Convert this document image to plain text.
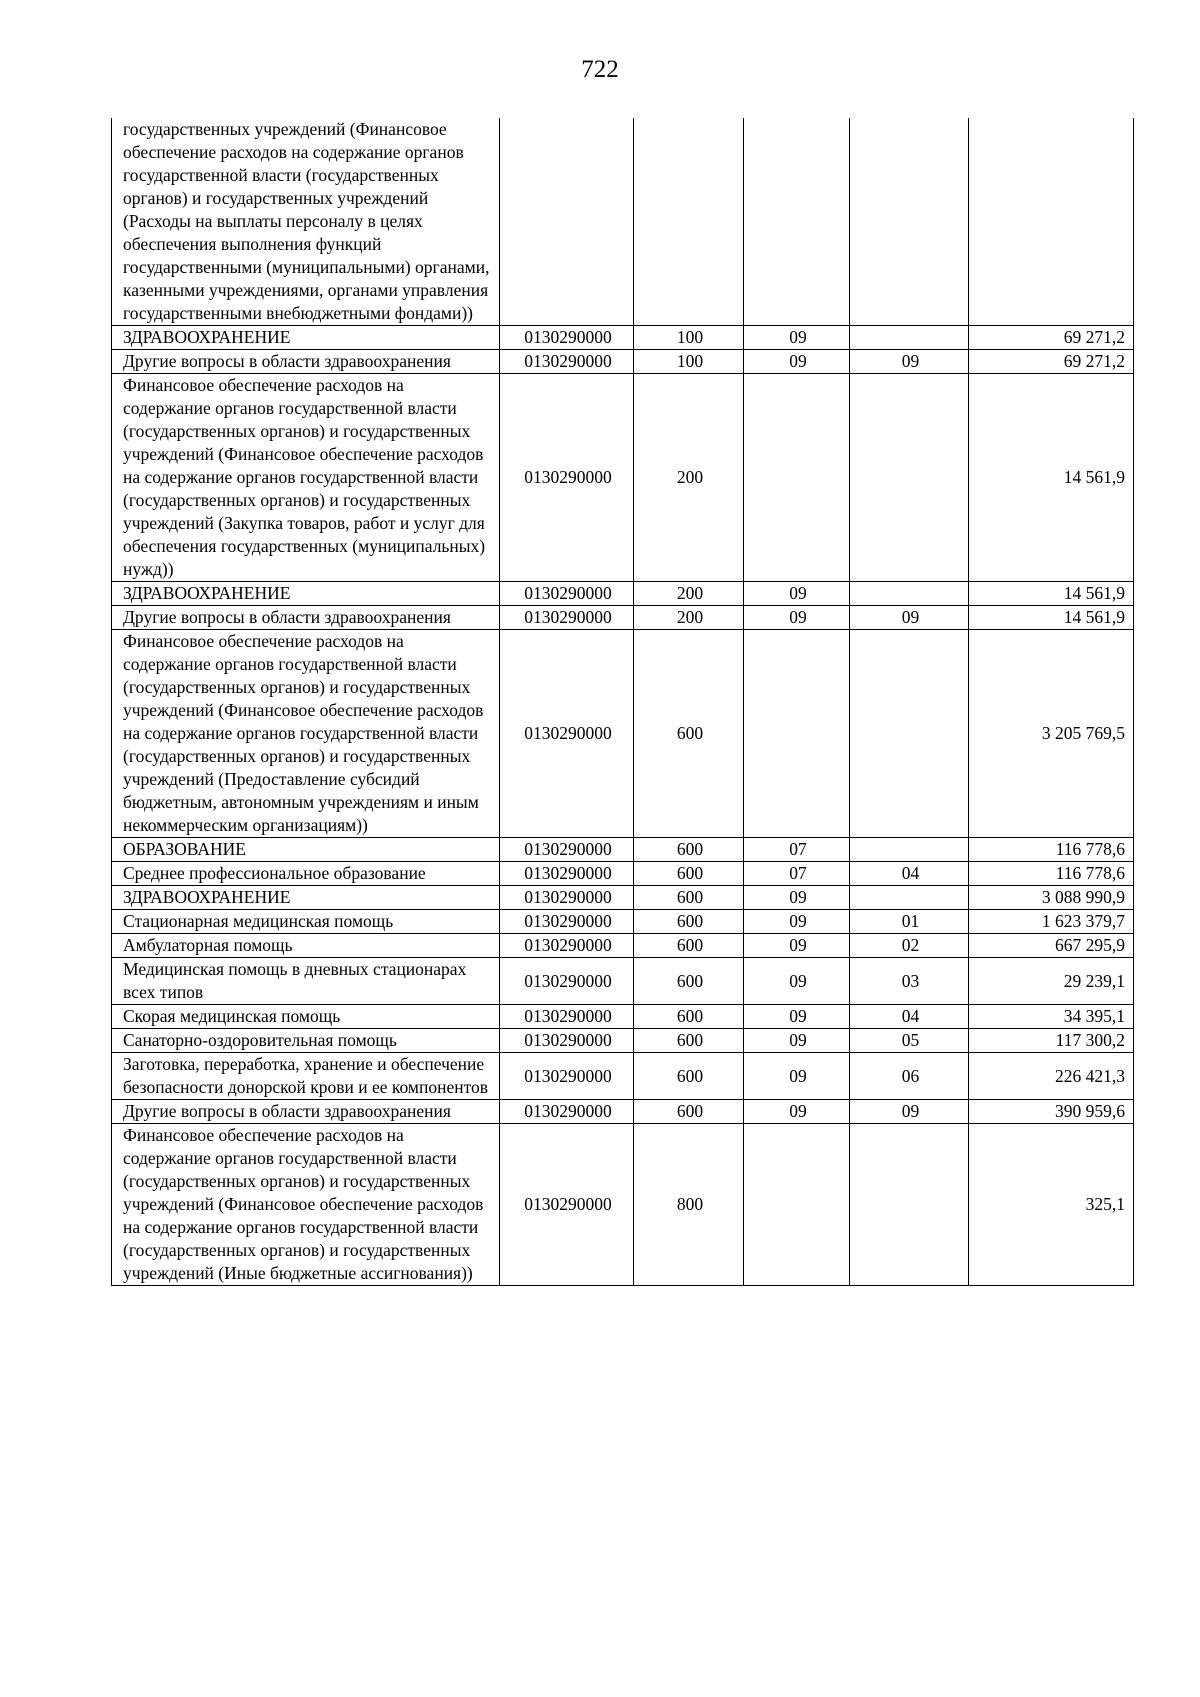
722
государственных учреждений (Финансовое обеспечение расходов на содержание органов государственной власти (государственных органов) и государственных учреждений (Расходы на выплаты персоналу в целях обеспечения выполнения функций государственными (муниципальными) органами, казенными учреждениями, органами управления государственными внебюджетными фондами))					
ЗДРАВООХРАНЕНИЕ	0130290000	100	09		69 271,2
Другие вопросы в области здравоохранения	0130290000	100	09	09	69 271,2
Финансовое обеспечение расходов на содержание органов государственной власти (государственных органов) и государственных учреждений (Финансовое обеспечение расходов на содержание органов государственной власти (государственных органов) и государственных учреждений (Закупка товаров, работ и услуг для обеспечения государственных (муниципальных) нужд))	0130290000	200			14 561,9
ЗДРАВООХРАНЕНИЕ	0130290000	200	09		14 561,9
Другие вопросы в области здравоохранения	0130290000	200	09	09	14 561,9
Финансовое обеспечение расходов на содержание органов государственной власти (государственных органов) и государственных учреждений (Финансовое обеспечение расходов на содержание органов государственной власти (государственных органов) и государственных учреждений (Предоставление субсидий бюджетным, автономным учреждениям и иным некоммерческим организациям))	0130290000	600			3 205 769,5
ОБРАЗОВАНИЕ	0130290000	600	07		116 778,6
Среднее профессиональное образование	0130290000	600	07	04	116 778,6
ЗДРАВООХРАНЕНИЕ	0130290000	600	09		3 088 990,9
Стационарная медицинская помощь	0130290000	600	09	01	1 623 379,7
Амбулаторная помощь	0130290000	600	09	02	667 295,9
Медицинская помощь в дневных стационарах всех типов	0130290000	600	09	03	29 239,1
Скорая медицинская помощь	0130290000	600	09	04	34 395,1
Санаторно-оздоровительная помощь	0130290000	600	09	05	117 300,2
Заготовка, переработка, хранение и обеспечение безопасности донорской крови и ее компонентов	0130290000	600	09	06	226 421,3
Другие вопросы в области здравоохранения	0130290000	600	09	09	390 959,6
Финансовое обеспечение расходов на содержание органов государственной власти (государственных органов) и государственных учреждений (Финансовое обеспечение расходов на содержание органов государственной власти (государственных органов) и государственных учреждений (Иные бюджетные ассигнования))	0130290000	800			325,1
